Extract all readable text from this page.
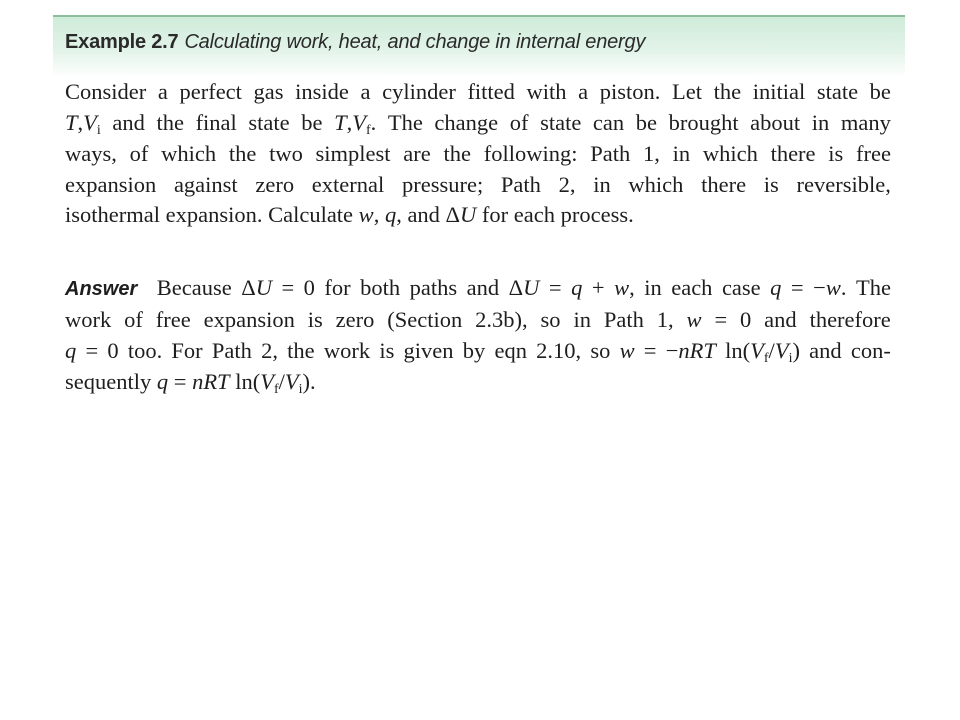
Example 2.7 Calculating work, heat, and change in internal energy
Consider a perfect gas inside a cylinder fitted with a piston. Let the initial state be
$T,V_i$ and the final state be $T,V_f$. The change of state can be brought about in many
ways, of which the two simplest are the following: Path 1, in which there is free
expansion against zero external pressure; Path 2, in which there is reversible,
isothermal expansion. Calculate w, q, and ΔU for each process.
Answer Because ΔU = 0 for both paths and ΔU = q + w, in each case q = −w. The
work of free expansion is zero (Section 2.3b), so in Path 1, w = 0 and therefore
q = 0 too. For Path 2, the work is given by eqn 2.10, so w = −nRT $\ln(V_f/V_i)$ and con-
sequently q = nRT $\ln(V_f/V_i)$.
